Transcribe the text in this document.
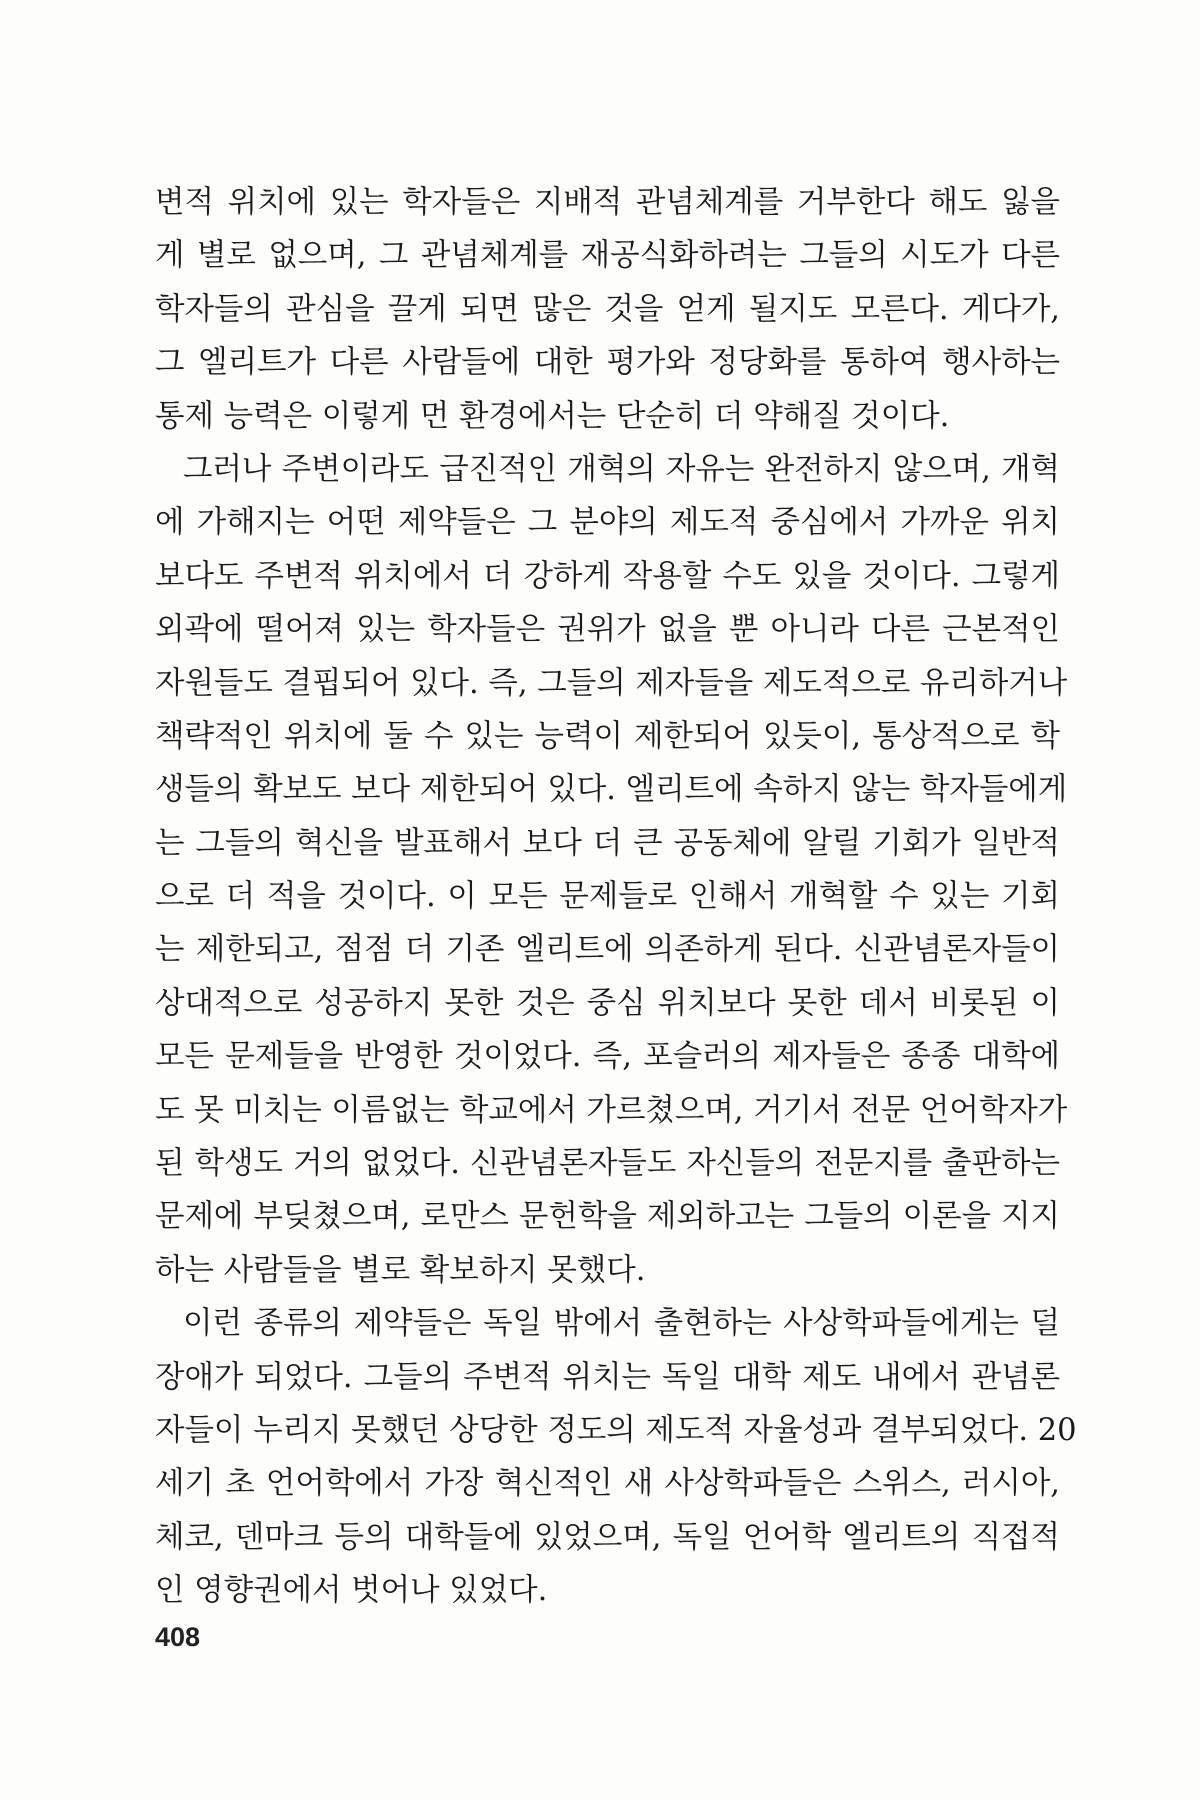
변적 위치에 있는 학자들은 지배적 관념체계를 거부한다 해도 잃을
게 별로 없으며, 그 관념체계를 재공식화하려는 그들의 시도가 다른
학자들의 관심을 끌게 되면 많은 것을 얻게 될지도 모른다. 게다가,
그 엘리트가 다른 사람들에 대한 평가와 정당화를 통하여 행사하는
통제 능력은 이렇게 먼 환경에서는 단순히 더 약해질 것이다.
그러나 주변이라도 급진적인 개혁의 자유는 완전하지 않으며, 개혁
에 가해지는 어떤 제약들은 그 분야의 제도적 중심에서 가까운 위치
보다도 주변적 위치에서 더 강하게 작용할 수도 있을 것이다. 그렇게
외곽에 떨어져 있는 학자들은 권위가 없을 뿐 아니라 다른 근본적인
자원들도 결핍되어 있다. 즉, 그들의 제자들을 제도적으로 유리하거나
책략적인 위치에 둘 수 있는 능력이 제한되어 있듯이, 통상적으로 학
생들의 확보도 보다 제한되어 있다. 엘리트에 속하지 않는 학자들에게
는 그들의 혁신을 발표해서 보다 더 큰 공동체에 알릴 기회가 일반적
으로 더 적을 것이다. 이 모든 문제들로 인해서 개혁할 수 있는 기회
는 제한되고, 점점 더 기존 엘리트에 의존하게 된다. 신관념론자들이
상대적으로 성공하지 못한 것은 중심 위치보다 못한 데서 비롯된 이
모든 문제들을 반영한 것이었다. 즉, 포슬러의 제자들은 종종 대학에
도 못 미치는 이름없는 학교에서 가르쳤으며, 거기서 전문 언어학자가
된 학생도 거의 없었다. 신관념론자들도 자신들의 전문지를 출판하는
문제에 부딪쳤으며, 로만스 문헌학을 제외하고는 그들의 이론을 지지
하는 사람들을 별로 확보하지 못했다.
이런 종류의 제약들은 독일 밖에서 출현하는 사상학파들에게는 덜
장애가 되었다. 그들의 주변적 위치는 독일 대학 제도 내에서 관념론
자들이 누리지 못했던 상당한 정도의 제도적 자율성과 결부되었다. 20
세기 초 언어학에서 가장 혁신적인 새 사상학파들은 스위스, 러시아,
체코, 덴마크 등의 대학들에 있었으며, 독일 언어학 엘리트의 직접적
인 영향권에서 벗어나 있었다.
408
